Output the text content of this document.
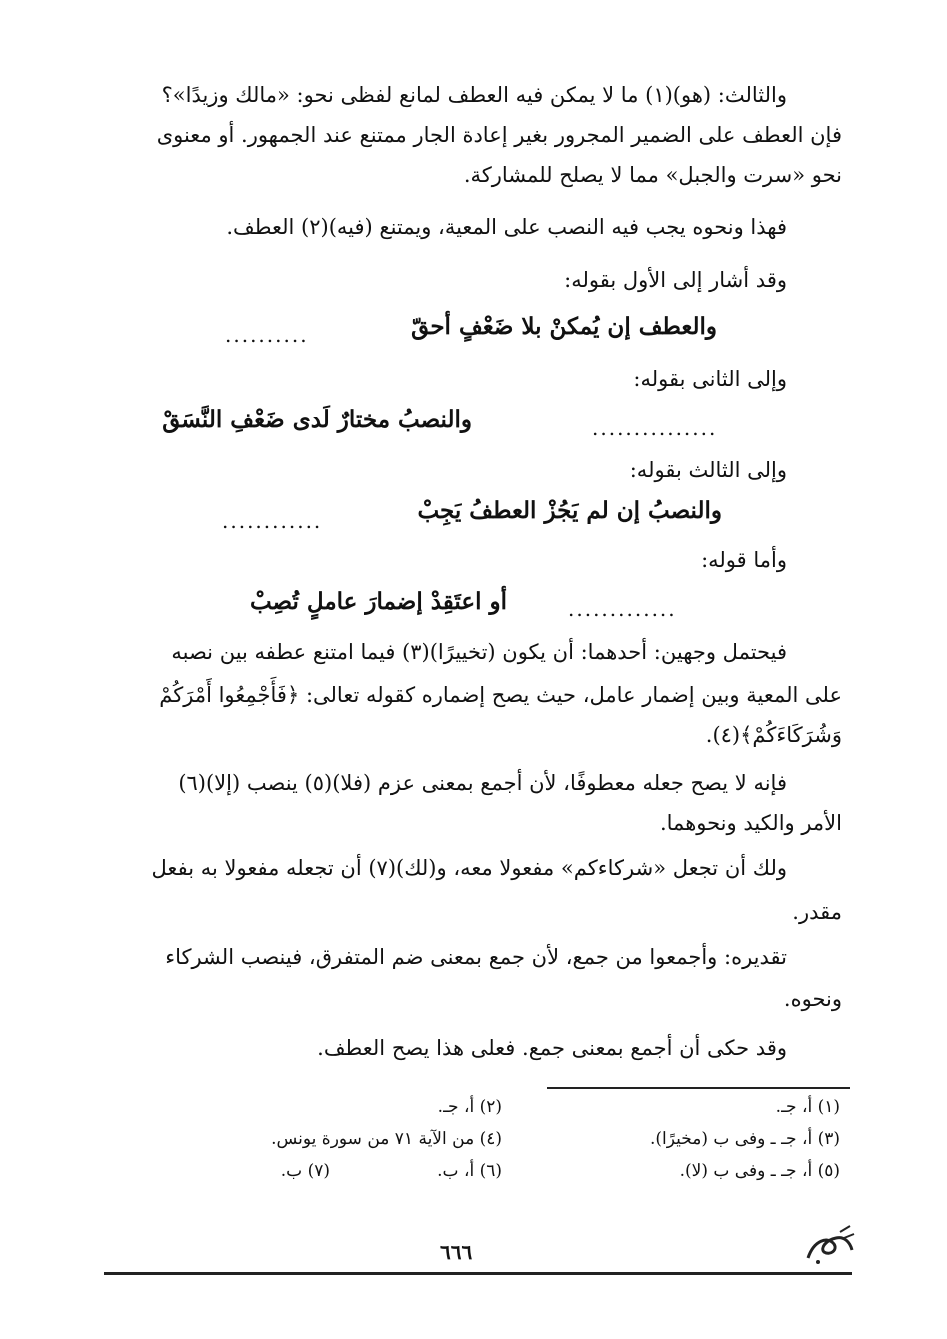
والثالث: (هو)(١) ما لا يمكن فيه العطف لمانع لفظى نحو: «مالك وزيدًا»؟
فإن العطف على الضمير المجرور بغير إعادة الجار ممتنع عند الجمهور. أو معنوى
نحو «سرت والجبل» مما لا يصلح للمشاركة.
فهذا ونحوه يجب فيه النصب على المعية، ويمتنع (فيه)(٢) العطف.
وقد أشار إلى الأول بقوله:
والعطف إن يُمكنْ بلا ضَعْفٍ أحقّ
..........
وإلى الثانى بقوله:
...............
والنصبُ مختارٌ لَدى ضَعْفِ النَّسَقْ
وإلى الثالث بقوله:
والنصبُ إن لم يَجُزْ العطفُ يَجِبْ
............
وأما قوله:
.............
أو اعتَقِدْ إضمارَ عاملٍ تُصِبْ
فيحتمل وجهين: أحدهما: أن يكون (تخييرًا)(٣) فيما امتنع عطفه بين نصبه
على المعية وبين إضمار عامل، حيث يصح إضماره كقوله تعالى: ﴿فَأَجْمِعُوا أَمْرَكُمْ
وَشُرَكَاءَكُمْ﴾(٤).
فإنه لا يصح جعله معطوفًا، لأن أجمع بمعنى عزم (فلا)(٥) ينصب (إلا)(٦)
الأمر والكيد ونحوهما.
ولك أن تجعل «شركاءكم» مفعولا معه، و(لك)(٧) أن تجعله مفعولا به بفعل
مقدر.
تقديره: وأجمعوا من جمع، لأن جمع بمعنى ضم المتفرق، فينصب الشركاء
ونحوه.
وقد حكى أن أجمع بمعنى جمع. فعلى هذا يصح العطف.
(١) أ، جـ.
(٢) أ، جـ.
(٣) أ، جـ ـ وفى ب (مخيرًا).
(٤) من الآية ٧١ من سورة يونس.
(٥) أ، جـ ـ وفى ب (لا).
(٦) أ، ب.
(٧) ب.
٦٦٦
